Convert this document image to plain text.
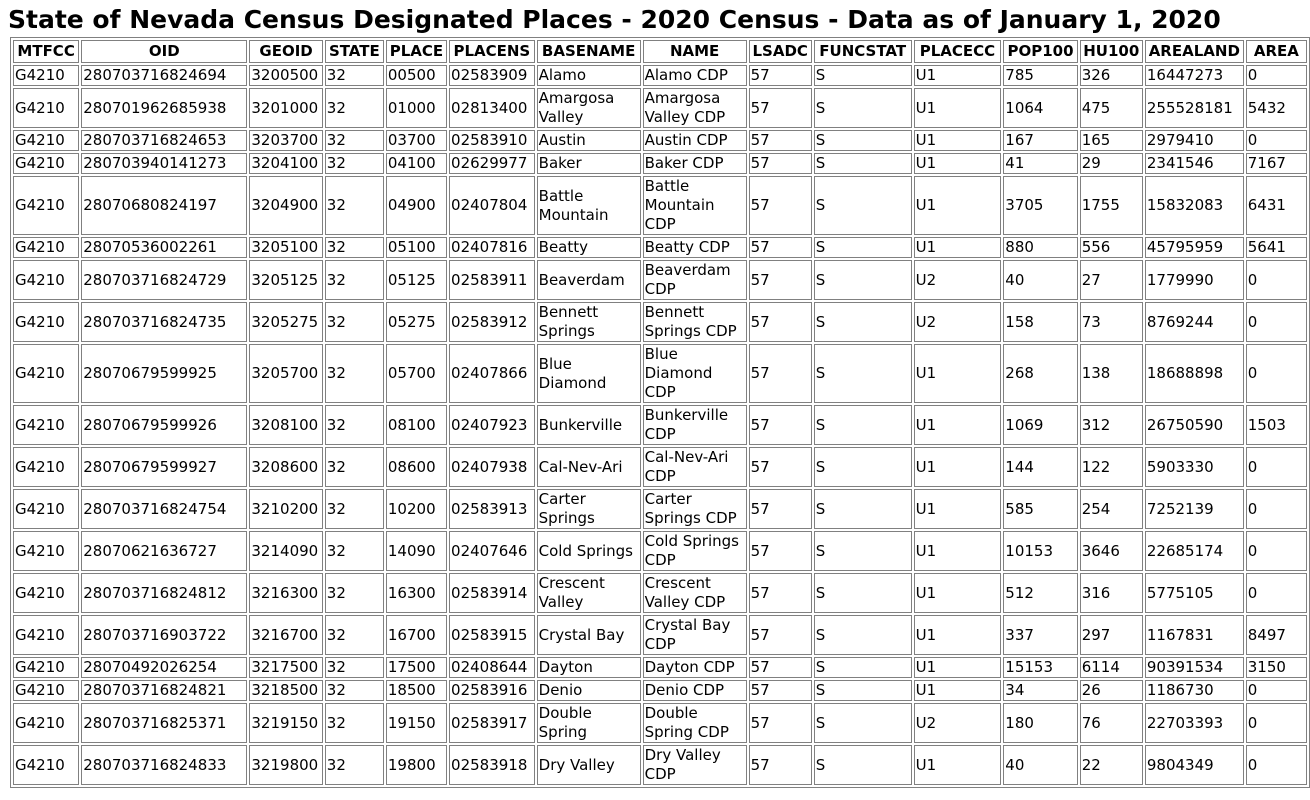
State of Nevada Census Designated Places - 2020 Census - Data as of January 1, 2020
MTFCC	OID	GEOID	STATE	PLACE	PLACENS	BASENAME	NAME	LSADC	FUNCSTAT	PLACECC	POP100	HU100	AREALAND	AREA
G4210	280703716824694	3200500	32	00500	02583909	Alamo	Alamo CDP	57	S	U1	785	326	16447273	0
G4210	280701962685938	3201000	32	01000	02813400	Amargosa Valley	Amargosa Valley CDP	57	S	U1	1064	475	255528181	5432
G4210	280703716824653	3203700	32	03700	02583910	Austin	Austin CDP	57	S	U1	167	165	2979410	0
G4210	280703940141273	3204100	32	04100	02629977	Baker	Baker CDP	57	S	U1	41	29	2341546	7167
G4210	28070680824197	3204900	32	04900	02407804	Battle Mountain	Battle Mountain CDP	57	S	U1	3705	1755	15832083	6431
G4210	28070536002261	3205100	32	05100	02407816	Beatty	Beatty CDP	57	S	U1	880	556	45795959	5641
G4210	280703716824729	3205125	32	05125	02583911	Beaverdam	Beaverdam CDP	57	S	U2	40	27	1779990	0
G4210	280703716824735	3205275	32	05275	02583912	Bennett Springs	Bennett Springs CDP	57	S	U2	158	73	8769244	0
G4210	28070679599925	3205700	32	05700	02407866	Blue Diamond	Blue Diamond CDP	57	S	U1	268	138	18688898	0
G4210	28070679599926	3208100	32	08100	02407923	Bunkerville	Bunkerville CDP	57	S	U1	1069	312	26750590	1503
G4210	28070679599927	3208600	32	08600	02407938	Cal-Nev-Ari	Cal-Nev-Ari CDP	57	S	U1	144	122	5903330	0
G4210	280703716824754	3210200	32	10200	02583913	Carter Springs	Carter Springs CDP	57	S	U1	585	254	7252139	0
G4210	28070621636727	3214090	32	14090	02407646	Cold Springs	Cold Springs CDP	57	S	U1	10153	3646	22685174	0
G4210	280703716824812	3216300	32	16300	02583914	Crescent Valley	Crescent Valley CDP	57	S	U1	512	316	5775105	0
G4210	280703716903722	3216700	32	16700	02583915	Crystal Bay	Crystal Bay CDP	57	S	U1	337	297	1167831	8497
G4210	28070492026254	3217500	32	17500	02408644	Dayton	Dayton CDP	57	S	U1	15153	6114	90391534	3150
G4210	280703716824821	3218500	32	18500	02583916	Denio	Denio CDP	57	S	U1	34	26	1186730	0
G4210	280703716825371	3219150	32	19150	02583917	Double Spring	Double Spring CDP	57	S	U2	180	76	22703393	0
G4210	280703716824833	3219800	32	19800	02583918	Dry Valley	Dry Valley CDP	57	S	U1	40	22	9804349	0
